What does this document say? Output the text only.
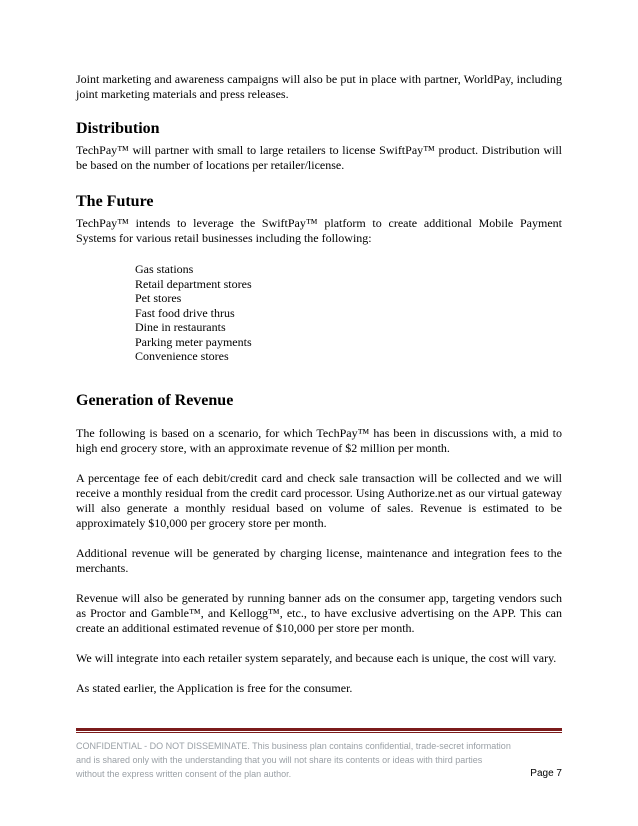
Joint marketing and awareness campaigns will also be put in place with partner, WorldPay, including joint marketing materials and press releases.

Distribution

TechPay™ will partner with small to large retailers to license SwiftPay™ product. Distribution will be based on the number of locations per retailer/license.

The Future

TechPay™ intends to leverage the SwiftPay™ platform to create additional Mobile Payment Systems for various retail businesses including the following:

Gas stations
Retail department stores
Pet stores
Fast food drive thrus
Dine in restaurants
Parking meter payments
Convenience stores
Generation of Revenue

The following is based on a scenario, for which TechPay™ has been in discussions with, a mid to high end grocery store, with an approximate revenue of $2 million per month.

A percentage fee of each debit/credit card and check sale transaction will be collected and we will receive a monthly residual from the credit card processor. Using Authorize.net as our virtual gateway will also generate a monthly residual based on volume of sales. Revenue is estimated to be approximately $10,000 per grocery store per month.

Additional revenue will be generated by charging license, maintenance and integration fees to the merchants.

Revenue will also be generated by running banner ads on the consumer app, targeting vendors such as Proctor and Gamble™, and Kellogg™, etc., to have exclusive advertising on the APP. This can create an additional estimated revenue of $10,000 per store per month.

We will integrate into each retailer system separately, and because each is unique, the cost will vary.

As stated earlier, the Application is free for the consumer.

CONFIDENTIAL - DO NOT DISSEMINATE. This business plan contains confidential, trade-secret information and is shared only with the understanding that you will not share its contents or ideas with third parties without the express written consent of the plan author.	Page 7
